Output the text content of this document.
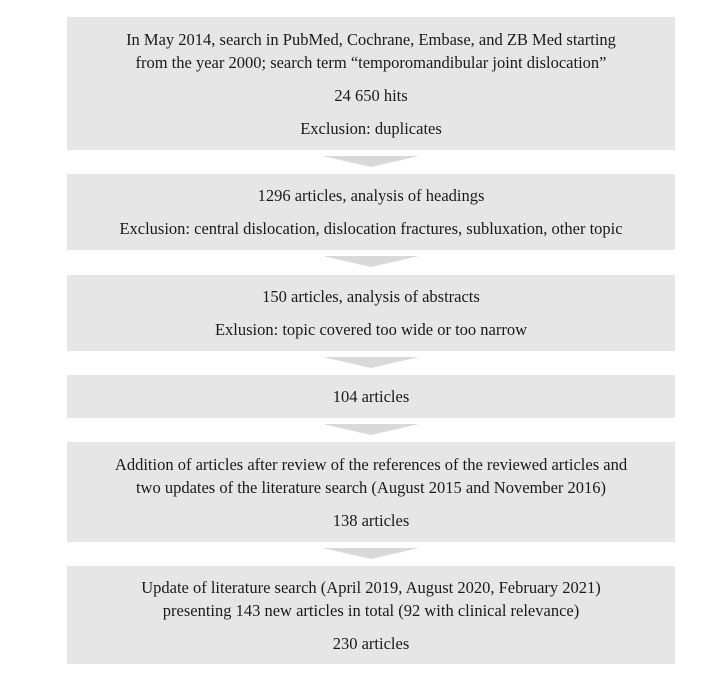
In May 2014, search in PubMed, Cochrane, Embase, and ZB Med starting

from the year 2000; search term “temporomandibular joint dislocation”

24 650 hits

Exclusion: duplicates

1296 articles, analysis of headings

Exclusion: central dislocation, dislocation fractures, subluxation, other topic

150 articles, analysis of abstracts

Exlusion: topic covered too wide or too narrow

104 articles

Addition of articles after review of the references of the reviewed articles and

two updates of the literature search (August 2015 and November 2016)

138 articles

Update of literature search (April 2019, August 2020, February 2021)

presenting 143 new articles in total (92 with clinical relevance)

230 articles
